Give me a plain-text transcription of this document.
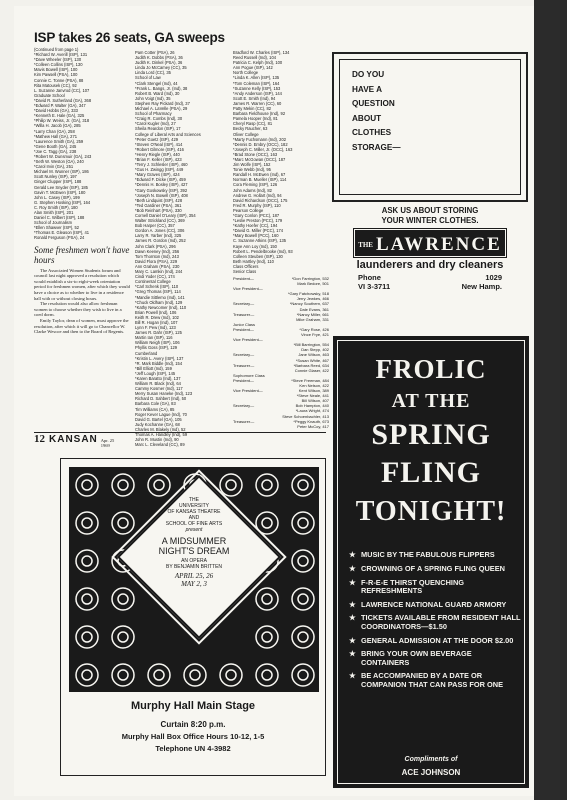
ISP takes 26 seats, GA sweeps
(Continued from page 1)
*Richard W. Averill (ISP), 131
*Dave Wheeler (ISP), 130
*Colleen Collins (ISP), 130
Mavis Bowell (ISP), 100
Kim Pawsell (PSA), 100
Connie C. Tonne (PSA), 88
Rita Matousek (CC), 92
L. Suzanne Janvrod (CC), 107
Graduate School
*David R. Sutherland (GA), 368
*Edward P. Walter (GA), 347
*David Hobbs (GA), 333
*Kenneth E. Hale (GA), 325
*Philip W. Weiss, Jr. (GA), 318
*Willa H. Jacob (GA), 285
*Larry Chan (GA), 258
*Mathew Hall (GA), 271
*Laurence Smith (GA), 259
*Gene Booth (GA), 245
*Joe C. Tagg (GA), 238
*Robert W. Dunsmuir (GA), 243
*Seth W. Weston (GA), 240
*Carol Irvin (GA), 251
Michael M. Wunner (ISP), 186
Scott Nunley (ISP), 197
Ginger Clupper (ISP), 188
Gerald Lee Snyder (ISP), 185
Gavin T. McEwen (ISP), 180
John L. Casey (ISP), 199
G. Stephen Hosking (ISP), 164
C. Roy Smith (ISP), 180
Alan Smith (ISP), 201
Daniel C. Wilbert (ISP), 188
School of Journalism
*Ellen Shawver (ISP), 52
*Thomas E. Gleason (ISP), 41
Ronald Ferguson (PSA), 24
Some freshmen won't have hours
The Associated Women Students forum and council last night approved a resolution which would establish a six-to eight-week orientation period for freshmen women, after which they would have a choice as to whether to live in a residence hall with or without closing hours.
The resolution would also allow freshman women to choose whether they wish to live in a coed dorm.
Emily Taylor, dean of women, must approve the resolution, after which it will go to Chancellor W. Clarke Wescoe and then to the Board of Regents.
Pam Cotter (PSA), 26
Judith K. Dobbs (PSA), 36
Judith K. Dinkel (PSA), 36
Linda Jo McCamey (CC), 35
Linda Lord (CC), 35
School of Law
*Clark Stengel (Ind), 44
*Frank L. Bangs, Jr. (Ind), 38
Robert B. Ward (Ind), 30
John Voigt (Ind), 35
Stephen Ray Pickard (Ind), 37
Michael A. LaVelle (PSA), 29
School of Pharmacy
*Craig R. Combs (Ind), 30
*Carol Kugler (Ind), 27
Sheila Reardon (ISP), 17
College of Liberal Arts and Sciences
*Peter Goetz (ISP), 429
*Steven O'Neal (ISP), 414
*Robert Gilmore (ISP), 416
*Henry Riegle (ISP), 440
*Brian F. Keller (ISP), 423
*Terry J. Schlesler (ISP), 460
*Gus H. Zwingg (ISP), 449
*Mary Graves (ISP), 424
*Edward F. Dicke (ISP), 459
*Dennis H. Bosley (ISP), 427
*Gary Goskowsky (ISP), 392
*Joseph N. Bowell (ISP), 408
*Beth Lindquist (ISP), 428
*Ted Gardiner (PSA), 361
*Bob Reinhart (PSA), 330
Cornell Daniel O'Leary (ISP), 354
Walter Strickland (CC), 369
Bob Harper (CC), 357
Gordon A. Jones (CC), 306
Larry R. Yarber (Ind), 325
James R. Gordon (Ind), 252
John Clark (PSA), 296
Dawn Keeney (Ind), 256
Tom Thornton (Ind), 243
David Flora (PSA), 229
Ann Graham (PSA), 230
Mary C. Lamkin (Ind), 244
Cindi Yoder (CC), 174
Continental College
*Carl Schenk (ISP), 110
*Greg Thomas (ISP), 114
*Mandie Sittlemo (Ind), 141
*Chuck Oldham (Ind), 129
*Kathy Newcomer (Ind), 110
Brian Powell (Ind), 106
Keith R. Drew (Ind), 102
Bill R. Hogan (Ind), 107
Lynn F. Pew (Ind), 123
James R. Dahr (ISP), 125
Martin Ian (ISP), 116
William Neigh (ISP), 106
Phyllis Goss (ISP), 129
Cumberland
*Kristin L. Avery (ISP), 137
*R. Mark Biddle (Ind), 154
*Bill Elliott (Ind), 159
*Jeff Lough (ISP), 145
*Karen Baratto (Ind), 137
William R. Black (Ind), 64
Cammy Kosmer (Ind), 117
Merry Susan Haneke (Ind), 123
Richard D. Sahbert (Ind), 50
Barbara Cole (GA), 83
Tim Williams (CA), 85
Roger Kever Lague (Ind), 70
David G. Bartel (GA), 105
Judy Kochanne (GA), 68
Charles M. Blakely (Ind), 52
Thomas A. Handley (Ind), 59
John R. Mustin (Ind), 90
Marc L. Cleveland (CC), 89
Bradford W. Charles (ISP), 134
Reed Russell (Ind), 104
Patricia C. Kelph (Ind), 100
Ann Pogue (ISP), 142
North College
*Linda K. Allen (ISP), 135
*Tom Coleman (ISP), 164
*Suzanne Kelly (ISP), 153
*Andy Anderson (ISP), 144
Scott E. Smith (Ind), 94
James R. Warren (CC), 60
Patty Mekin (CC), 82
Barbara Fieldhouse (Ind), 92
Pamela Hooper (Ind), 81
Cheryl Rasp (CC), 81
Becky Raucher, 63
Oliver College
*Marty Fuchsmann (Ind), 202
*Dennis D. Embry (OCC), 182
*Joseph C. Miller, Jr. (OCC), 163
*Brad Stone (OCC), 163
*Marc McGowan (OCC), 187
Jim Wolfe (ISP), 152
Tonie Webb (Ind), 95
Randall H. McEwen (Ind), 67
Norman B. Mueller (ISP), 114
Cora Fleming (ISP), 126
John Adams (Ind), 82
Andrew G. Hollart (Ind), 94
David Richardson (OCC), 175
Fred R. Murphy (ISP), 110
Pearson College
*Gary Conlon (PCC), 187
*Leslie Preston (PCC), 179
*Kathy Hoefer (CC), 194
*David G. Miller (PCC), 174
*Mary Bowell (PCC), 160
C. Suzanne Atkins (ISP), 135
Kaye Ann Loy (Ind), 150
Robert L. Pendelbrooke (Ind), 93
Colleen Steuben (ISP), 130
Beth Hartley (Ind), 110
Class Officers
Senior Class
President—	*Don Farrington, 532
Mark Bedore, 501
Vice President—
*Gary Fatchowsky, 518
Jerry Jewkes, 466
Secretary—	*Nancy Southern, 637
Dale Evans, 361
Treasurer—	*Nancy Miller, 661
Mike Graham, 331
Junior Class
President—	*Gary Rose, 426
Vince Frye, 421
Vice President—
*Bill Barrington, 554
Dan Stepp, 402
Secretary—	Jane Wilson, 463
*Susan White, 467
Treasurer—	*Barbara Reed, 634
Connie Glaser, 422
Sophomore Class
President—	*Steve Freeman, 484
Ken Nelson, 422
Vice President—	Kent Wilson, 389
*Steve Neale, 441
Bill Wilson, 407
Secretary—	Bob Hampton, 440
*Laura Wright, 474
Steve Schoenbachler, 413
Treasurer—	*Peggy Knauth, 673
Peter McCoy, 417
12 KANSAN Apr. 25
1969
DO YOU
HAVE A
QUESTION
ABOUT
CLOTHES
STORAGE—
ASK US ABOUT STORING
YOUR WINTER CLOTHES.
$^{THE}$ LAWRENCE
launderers and dry cleaners
Phone
VI 3-3711
1029
New Hamp.
FROLIC
AT THE
SPRING
FLING
TONIGHT!
★ MUSIC BY THE FABULOUS FLIPPERS
★ CROWNING OF A SPRING FLING QUEEN
★ F-R-E-E THIRST QUENCHING REFRESHMENTS
★ LAWRENCE NATIONAL GUARD ARMORY
★ TICKETS AVAILABLE FROM RESIDENT HALL COORDINATORS—$1.50
★ GENERAL ADMISSION AT THE DOOR $2.00
★ BRING YOUR OWN BEVERAGE CONTAINERS
★ BE ACCOMPANIED BY A DATE OR COMPANION THAT CAN PASS FOR ONE
Compliments of
ACE JOHNSON
THE
UNIVERSITY
OF KANSAS THEATRE
AND
SCHOOL OF FINE ARTS
present
A MIDSUMMER
NIGHT'S DREAM
AN OPERA
BY BENJAMIN BRITTEN
APRIL 25, 26
MAY 2, 3
Murphy Hall Main Stage
Curtain 8:20 p.m.
Murphy Hall Box Office Hours 10-12, 1-5
Telephone UN 4-3982
